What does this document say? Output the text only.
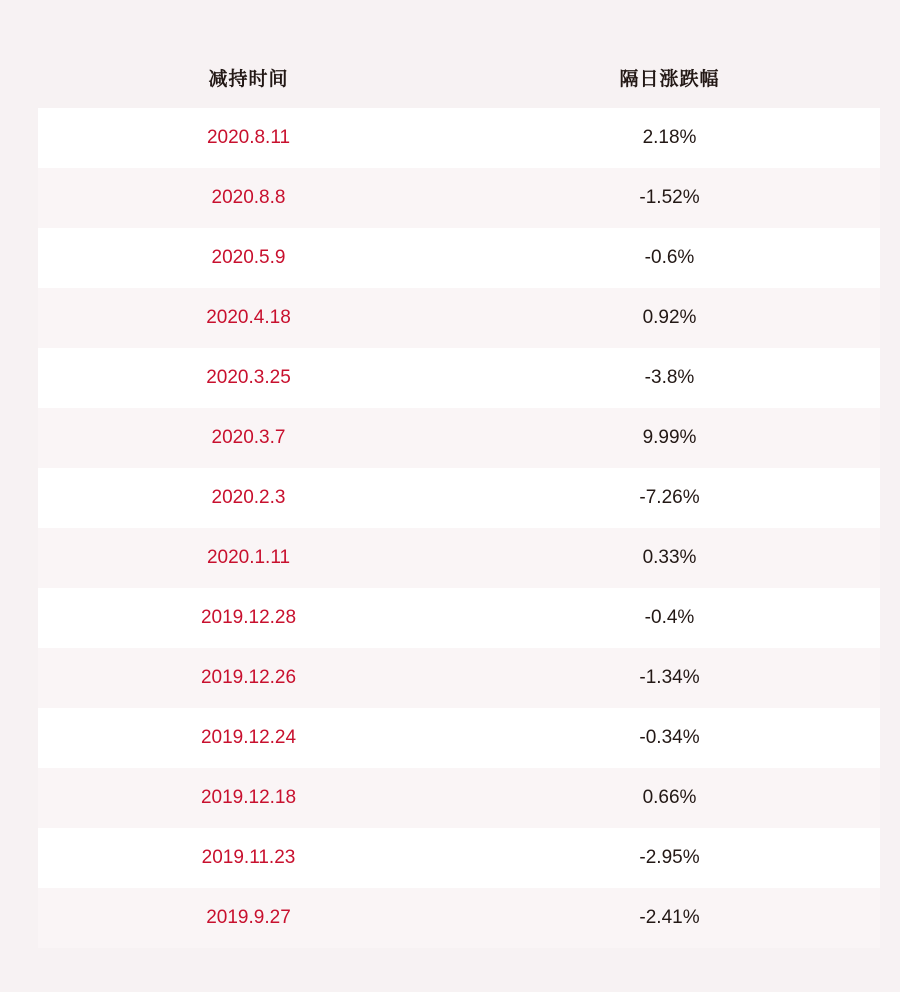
减持时间	隔日涨跌幅
2020.8.11	2.18%
2020.8.8	-1.52%
2020.5.9	-0.6%
2020.4.18	0.92%
2020.3.25	-3.8%
2020.3.7	9.99%
2020.2.3	-7.26%
2020.1.11	0.33%
2019.12.28	-0.4%
2019.12.26	-1.34%
2019.12.24	-0.34%
2019.12.18	0.66%
2019.11.23	-2.95%
2019.9.27	-2.41%
